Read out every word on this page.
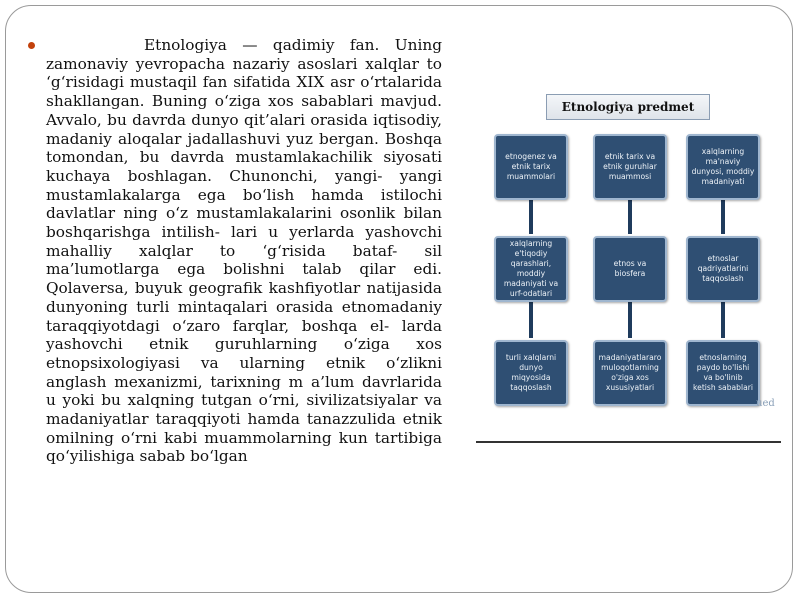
Etnologiya — qadimiy fan. Uning zamonaviy yevropacha nazariy asoslari xalqlar to ‘g‘risidagi mustaqil fan sifatida XIX asr o‘rtalarida shakllangan. Buning o‘ziga xos sabablari mavjud. Avvalo, bu davrda dunyo qit’alari orasida iqtisodiy, madaniy aloqalar jadallashuvi yuz bergan. Boshqa tomondan, bu davrda mustamlakachilik siyosati kuchaya boshlagan. Chunonchi, yangi- yangi mustamlakalarga ega bo‘lish hamda istilochi davlatlar ning o‘z mustamlakalarini osonlik bilan boshqarishga intilish- lari u yerlarda yashovchi mahalliy xalqlar to ‘g‘risida bataf- sil ma’lumotlarga ega bolishni talab qilar edi. Qolaversa, buyuk geografik kashfiyotlar natijasida dunyoning turli mintaqalari orasida etnomadaniy taraqqiyotdagi o‘zaro farqlar, boshqa el- larda yashovchi etnik guruhlarning o‘ziga xos etnopsixologiyasi va ularning etnik o‘zlikni anglash mexanizmi, tarixning m a’lum davrlarida u yoki bu xalqning tutgan o‘rni, sivilizatsiyalar va madaniyatlar taraqqiyoti hamda tanazzulida etnik omilning o‘rni kabi muammolarning kun tartibiga qo‘yilishiga sabab bo‘lgan

Etnologiya predmet
etnogenez va etnik tarix muammolari
etnik tarix va etnik guruhlar muammosi
xalqlarning ma'naviy dunyosi, moddiy madaniyati
xalqlarning e'tiqodiy qarashlari, moddiy madaniyati va urf-odatlari
etnos va biosfera
etnoslar qadriyatlarini taqqoslash
turli xalqlarni dunyo miqyosida taqqoslash
madaniyatlararo muloqotlarning o'ziga xos xususiyatlari
etnoslarning paydo bo'lishi va bo'linib ketish sabablari
ued
